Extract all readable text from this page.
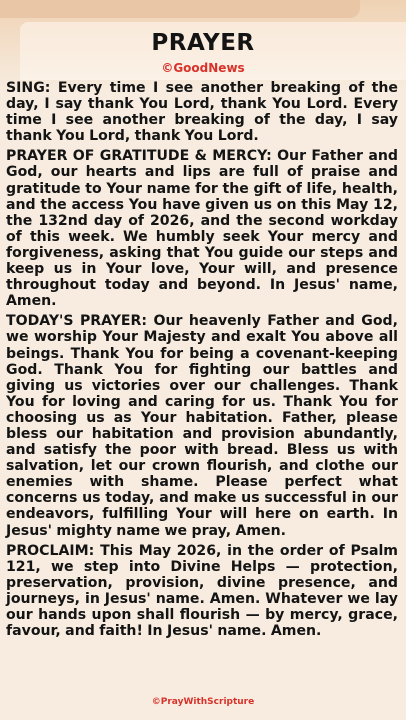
PRAYER
©GoodNews

SING: Every time I see another breaking of the day, I say thank You Lord, thank You Lord. Every time I see another breaking of the day, I say thank You Lord, thank You Lord.

PRAYER OF GRATITUDE & MERCY: Our Father and God, our hearts and lips are full of praise and gratitude to Your name for the gift of life, health, and the access You have given us on this May 12, the 132nd day of 2026, and the second workday of this week. We humbly seek Your mercy and forgiveness, asking that You guide our steps and keep us in Your love, Your will, and presence throughout today and beyond. In Jesus' name, Amen.

TODAY'S PRAYER: Our heavenly Father and God, we worship Your Majesty and exalt You above all beings. Thank You for being a covenant-keeping God. Thank You for fighting our battles and giving us victories over our challenges. Thank You for loving and caring for us. Thank You for choosing us as Your habitation. Father, please bless our habitation and provision abundantly, and satisfy the poor with bread. Bless us with salvation, let our crown flourish, and clothe our enemies with shame. Please perfect what concerns us today, and make us successful in our endeavors, fulfilling Your will here on earth. In Jesus' mighty name we pray, Amen.

PROCLAIM: This May 2026, in the order of Psalm 121, we step into Divine Helps — protection, preservation, provision, divine presence, and journeys, in Jesus' name. Amen. Whatever we lay our hands upon shall flourish — by mercy, grace, favour, and faith! In Jesus' name. Amen.

©PrayWithScripture
